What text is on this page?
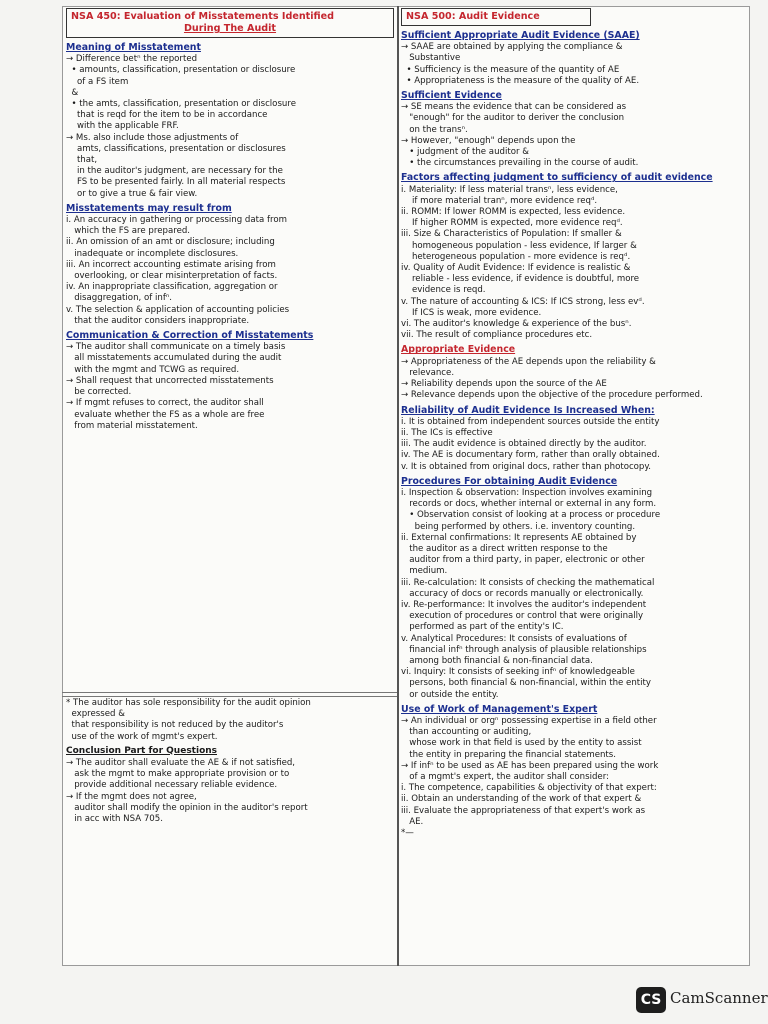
NSA 450: Evaluation of Misstatements Identified
During The Audit
Meaning of Misstatement
→ Difference betⁿ the reported
• amounts, classification, presentation or disclosure
of a FS item
&
• the amts, classification, presentation or disclosure
that is reqd for the item to be in accordance
with the applicable FRF.
→ Ms. also include those adjustments of
amts, classifications, presentation or disclosures
that,
in the auditor's judgment, are necessary for the
FS to be presented fairly. In all material respects
or to give a true & fair view.
Misstatements may result from
i. An accuracy in gathering or processing data from
which the FS are prepared.
ii. An omission of an amt or disclosure; including
inadequate or incomplete disclosures.
iii. An incorrect accounting estimate arising from
overlooking, or clear misinterpretation of facts.
iv. An inappropriate classification, aggregation or
disaggregation, of infⁿ.
v. The selection & application of accounting policies
that the auditor considers inappropriate.
Communication & Correction of Misstatements
→ The auditor shall communicate on a timely basis
all misstatements accumulated during the audit
with the mgmt and TCWG as required.
→ Shall request that uncorrected misstatements
be corrected.
→ If mgmt refuses to correct, the auditor shall
evaluate whether the FS as a whole are free
from material misstatement.
* The auditor has sole responsibility for the audit opinion
expressed &
that responsibility is not reduced by the auditor's
use of the work of mgmt's expert.
Conclusion Part for Questions
→ The auditor shall evaluate the AE & if not satisfied,
ask the mgmt to make appropriate provision or to
provide additional necessary reliable evidence.
→ If the mgmt does not agree,
auditor shall modify the opinion in the auditor's report
in acc with NSA 705.
NSA 500: Audit Evidence
Sufficient Appropriate Audit Evidence (SAAE)
→ SAAE are obtained by applying the compliance &
Substantive
• Sufficiency is the measure of the quantity of AE
• Appropriateness is the measure of the quality of AE.
Sufficient Evidence
→ SE means the evidence that can be considered as
"enough" for the auditor to deriver the conclusion
on the transⁿ.
→ However, "enough" depends upon the
• judgment of the auditor &
• the circumstances prevailing in the course of audit.
Factors affecting judgment to sufficiency of audit evidence
i. Materiality: If less material transⁿ, less evidence,
if more material tranⁿ, more evidence reqᵈ.
ii. ROMM: If lower ROMM is expected, less evidence.
If higher ROMM is expected, more evidence reqᵈ.
iii. Size & Characteristics of Population: If smaller &
homogeneous population - less evidence, If larger &
heterogeneous population - more evidence is reqᵈ.
iv. Quality of Audit Evidence: If evidence is realistic &
reliable - less evidence, if evidence is doubtful, more
evidence is reqd.
v. The nature of accounting & ICS: If ICS strong, less evᵈ.
If ICS is weak, more evidence.
vi. The auditor's knowledge & experience of the busⁿ.
vii. The result of compliance procedures etc.
Appropriate Evidence
→ Appropriateness of the AE depends upon the reliability &
relevance.
→ Reliability depends upon the source of the AE
→ Relevance depends upon the objective of the procedure performed.
Reliability of Audit Evidence Is Increased When:
i. It is obtained from independent sources outside the entity
ii. The ICs is effective
iii. The audit evidence is obtained directly by the auditor.
iv. The AE is documentary form, rather than orally obtained.
v. It is obtained from original docs, rather than photocopy.
Procedures For obtaining Audit Evidence
i. Inspection & observation: Inspection involves examining
records or docs, whether internal or external in any form.
• Observation consist of looking at a process or procedure
being performed by others. i.e. inventory counting.
ii. External confirmations: It represents AE obtained by
the auditor as a direct written response to the
auditor from a third party, in paper, electronic or other
medium.
iii. Re-calculation: It consists of checking the mathematical
accuracy of docs or records manually or electronically.
iv. Re-performance: It involves the auditor's independent
execution of procedures or control that were originally
performed as part of the entity's IC.
v. Analytical Procedures: It consists of evaluations of
financial infⁿ through analysis of plausible relationships
among both financial & non-financial data.
vi. Inquiry: It consists of seeking infⁿ of knowledgeable
persons, both financial & non-financial, within the entity
or outside the entity.
Use of Work of Management's Expert
→ An individual or orgⁿ possessing expertise in a field other
than accounting or auditing,
whose work in that field is used by the entity to assist
the entity in preparing the financial statements.
→ If infⁿ to be used as AE has been prepared using the work
of a mgmt's expert, the auditor shall consider:
i. The competence, capabilities & objectivity of that expert:
ii. Obtain an understanding of the work of that expert &
iii. Evaluate the appropriateness of that expert's work as
AE.
*—
CS CamScanner
